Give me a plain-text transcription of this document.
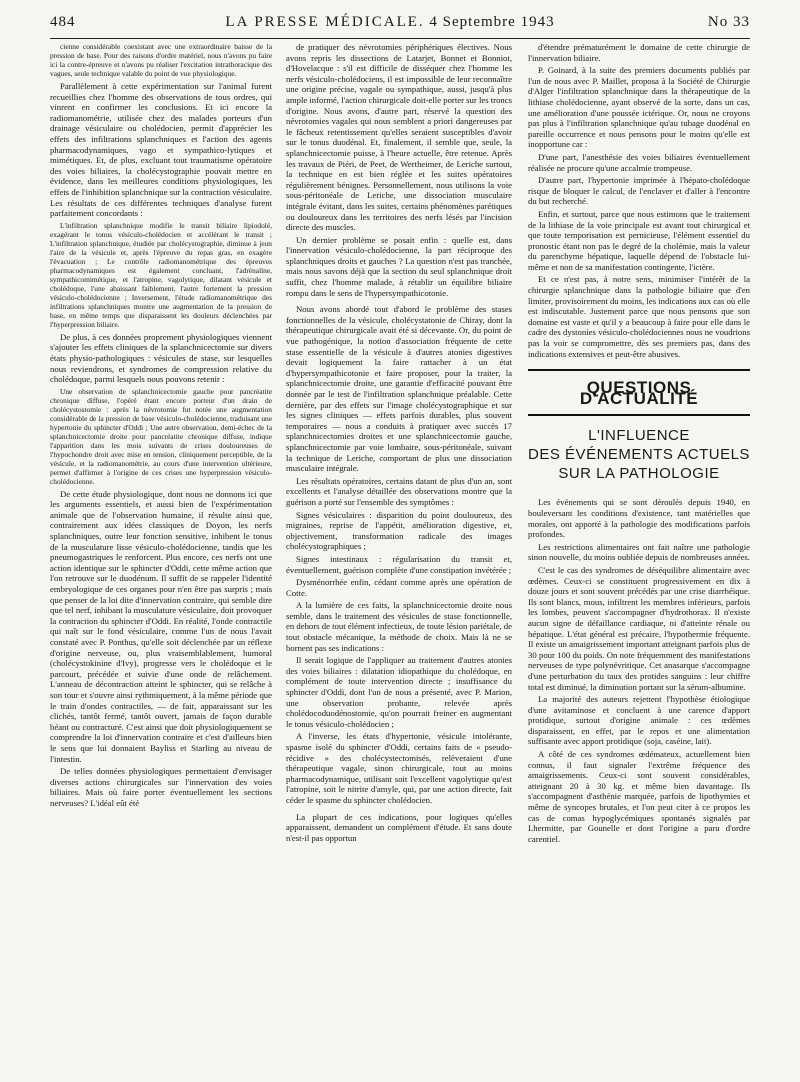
484	LA PRESSE MÉDICALE. 4 Septembre 1943	No 33

cienne considérable coexistant avec une extraordinaire baisse de la pression de base. Pour des raisons d'ordre matériel, nous n'avons pu faire ici la contre-épreuve et n'avons pu réaliser l'excitation intrathoracique des vagues, seule technique valable du point de vue physiologique.

Parallèlement à cette expérimentation sur l'animal furent recueillies chez l'homme des observations de tous ordres, qui vinrent en confirmer les conclusions. Et ici encore la radiomanométrie, utilisée chez des malades porteurs d'un drainage vésiculaire ou cholédocien, permit d'apprécier les effets des infiltrations splanchniques et l'action des agents pharmacodynamiques, vago et sympathico-lytiques et mimétiques. Et, de plus, excluant tout traumatisme opératoire des voies biliaires, la cholécystographie pouvait mettre en évidence, dans les meilleures conditions physiologiques, les effets de l'inhibition splanchnique sur la contraction vésiculaire. Les résultats de ces différentes techniques d'analyse furent parfaitement concordants :

L'infiltration splanchnique modifie le transit biliaire lipiodolé, exagérant le tonus vésiculo-cholédocien et accélérant le transit ; L'infiltration splanchnique, étudiée par cholécystographie, diminue à jeun l'aire de la vésicule et, après l'épreuve du repas gras, en exagère l'évacuation ; Le contrôle radiomanométrique des épreuves pharmacodynamiques est également concluant, l'adrénaline, sympathicomimétique, et l'atropine, vagolytique, dilatant vésicule et cholédoque, l'une abaissant faiblement, l'autre fortement la pression vésiculo-cholédocienne ; Inversement, l'étude radiomanométrique des infiltrations splanchniques montre une augmentation de la pression de base, en même temps que disparaissent les douleurs déclenchées par l'hyperpression biliaire.

De plus, à ces données proprement physiologiques viennent s'ajouter les effets cliniques de la splanchnicectomie sur divers états physio-pathologiques : vésicules de stase, sur lesquelles nous reviendrons, et syndromes de compression relative du cholédoque, parmi lesquels nous pouvons retenir :

Une observation de splanchnicectomie gauche pour pancréatite chronique diffuse, l'opéré étant encore porteur d'un drain de cholécystostomie : après la névrotomie fut notée une augmentation considérable de la pression de base vésiculo-cholédocienne, traduisant une hypertonie du sphincter d'Oddi ; Une autre observation, demi-échec de la splanchnicectomie droite pour pancréatite chronique diffuse, indique l'apparition dans les mois suivants de crises douloureuses de l'hypochondre droit avec mise en tension, cliniquement perceptible, de la vésicule, et la radiomanométrie, au cours d'une intervention ultérieure, permet d'affirmer à l'origine de ces crises une hyperpression vésiculo-cholédocienne.

De cette étude physiologique, dont nous ne donnons ici que les arguments essentiels, et aussi bien de l'expérimentation animale que de l'observation humaine, il résulte ainsi que, contrairement aux idées classiques de Doyon, les nerfs splanchniques, outre leur fonction sensitive, inhibent le tonus de la musculature lisse vésiculo-cholédocienne, tandis que les pneumogastriques le renforcent. Plus encore, ces nerfs ont une action identique sur le sphincter d'Oddi, cette même action que l'on retrouve sur le duodénum. Il suffit de se rappeler l'identité embryologique de ces organes pour n'en être pas surpris ; mais que penser de la loi dite d'innervation contraire, qui semble dire que tel nerf, inhibant la musculature vésiculaire, doit provoquer la contraction du sphincter d'Oddi. En réalité, l'onde contractile qui naît sur le fond vésiculaire, comme l'un de nous l'avait constaté avec P. Ponthus, qu'elle soit déclenchée par un réflexe d'origine nerveuse, ou, plus vraisemblablement, humoral (cholécystokinine d'Ivy), progresse vers le cholédoque et le parcourt, précédée et suivie d'une onde de relâchement. L'anneau de décontraction atteint le sphincter, qui se relâche à son tour et s'ouvre ainsi rythmiquement, à la même période que le train d'ondes contractiles, — de fait, apparaissant sur les clichés, tantôt fermé, tantôt ouvert, jamais de façon durable béant ou contracturé. C'est ainsi que doit physiologiquement se comprendre la loi d'innervation contraire et c'est d'ailleurs bien le sens que lui donnaient Bayliss et Starling au niveau de l'intestin.

De telles données physiologiques permettaient d'envisager diverses actions chirurgicales sur l'innervation des voies biliaires. Mais où faire porter éventuellement les sections nerveuses? L'idéal eût été

de pratiquer des névrotomies périphériques électives. Nous avons repris les dissections de Latarjet, Bonnet et Bonniot, d'Hovelacque : s'il est difficile de disséquer chez l'homme les nerfs vésiculo-cholédociens, il est impossible de leur reconnaître une origine précise, vagale ou sympathique, aussi, jusqu'à plus ample informé, l'action chirurgicale doit-elle porter sur les troncs d'origine. Nous avons, d'autre part, réservé la question des névrotomies vagales qui nous semblent a priori dangereuses par le fâcheux retentissement qu'elles seraient susceptibles d'avoir sur le tonus duodénal. Et, finalement, il semble que, seule, la splanchnicectomie puisse, à l'heure actuelle, être retenue. Après les travaux de Piéri, de Peet, de Wertheimer, de Leriche surtout, la technique en est bien réglée et les suites opératoires régulièrement bénignes. Personnellement, nous utilisons la voie sous-péritonéale de Leriche, une dissociation musculaire intégrale évitant, dans les suites, certains phénomènes parétiques ou douloureux dans les territoires des nerfs lésés par l'incision directe des muscles.

Un dernier problème se posait enfin : quelle est, dans l'innervation vésiculo-cholédocienne, la part réciproque des splanchniques droits et gauches ? La question n'est pas tranchée, mais nous savons déjà que la section du seul splanchnique droit suffit, chez l'homme malade, à rétablir un équilibre biliaire rompu dans le sens de l'hypersympathicotonie.

Nous avons abordé tout d'abord le problème des stases fonctionnelles de la vésicule, cholécystatonie de Chiray, dont la thérapeutique chirurgicale avait été si décevante. Or, du point de vue pathogénique, la notion d'association fréquente de cette stase essentielle de la vésicule à d'autres atonies digestives devait logiquement la faire rattacher à un état d'hypersympathicotonie et faire proposer, pour la traiter, la splanchnicectomie droite, une garantie d'efficacité pouvant être donnée par le test de l'infiltration splanchnique préalable. Cette dernière, par des effets sur l'image cholécystographique et sur les signes cliniques — effets parfois durables, plus souvent temporaires — nous a conduits à pratiquer avec succès 17 splanchnicectomies droites et une splanchnicectomie gauche, splanchnicectomie par voie lombaire, sous-péritonéale, suivant la technique de Leriche, comportant de plus une dissociation musculaire intégrale.

Les résultats opératoires, certains datant de plus d'un an, sont excellents et l'analyse détaillée des observations montre que la guérison a porté sur l'ensemble des symptômes :

Signes vésiculaires : disparition du point douloureux, des migraines, reprise de l'appétit, amélioration digestive, et, objectivement, transformation radicale des images cholécystographiques ;

Signes intestinaux : régularisation du transit et, éventuellement, guérison complète d'une constipation invétérée ;

Dysménorrhée enfin, cédant comme après une opération de Cotte.

A la lumière de ces faits, la splanchnicectomie droite nous semble, dans le traitement des vésicules de stase fonctionnelle, en dehors de tout élément infectieux, de toute lésion pariétale, de tout obstacle mécanique, la méthode de choix. Mais là ne se bornent pas ses indications :

Il serait logique de l'appliquer au traitement d'autres atonies des voies biliaires : dilatation idiopathique du cholédoque, en complément de toute intervention directe ; insuffisance du sphincter d'Oddi, dont l'un de nous a présenté, avec P. Marion, une observation probante, relevée après cholédocoduodénostomie, qu'on pourrait freiner en augmentant le tonus vésiculo-cholédocien ;

A l'inverse, les états d'hypertonie, vésicule intolérante, spasme isolé du sphincter d'Oddi, certains faits de « pseudo-récidive » des cholécystectomisés, relèveraient d'une thérapeutique vagale, sinon chirurgicale, tout au moins pharmacodynamique, utilisant soit l'excellent vagolytique qu'est l'atropine, soit le nitrite d'amyle, qui, par une action directe, fait céder le spasme du sphincter cholédocien.

La plupart de ces indications, pour logiques qu'elles apparaissent, demandent un complément d'étude. Et sans doute n'est-il pas opportun

d'étendre prématurément le domaine de cette chirurgie de l'innervation biliaire.

P. Goinard, à la suite des premiers documents publiés par l'un de nous avec P. Maillet, proposa à la Société de Chirurgie d'Alger l'infiltration splanchnique dans la thérapeutique de la lithiase cholédocienne, ayant observé de la sorte, dans un cas, une amélioration d'une poussée ictérique. Or, nous ne croyons pas plus à l'infiltration splanchnique qu'au tubage duodénal en pareille occurrence et nous pensons pour le moins qu'elle est inopportune car :

D'une part, l'anesthésie des voies biliaires éventuellement réalisée ne procure qu'une accalmie trompeuse.

D'autre part, l'hypertonie imprimée à l'hépato-cholédoque risque de bloquer le calcul, de l'enclaver et d'aller à l'encontre du but recherché.

Enfin, et surtout, parce que nous estimons que le traitement de la lithiase de la voie principale est avant tout chirurgical et que toute temporisation est pernicieuse, l'élément essentiel du pronostic étant non pas le degré de la cholémie, mais la valeur du parenchyme hépatique, laquelle dépend de l'obstacle lui-même et non de sa manifestation contingente, l'ictère.

Et ce n'est pas, à notre sens, minimiser l'intérêt de la chirurgie splanchnique dans la pathologie biliaire que d'en limiter, provisoirement du moins, les indications aux cas où elle est indiscutable. Justement parce que nous pensons que son domaine est vaste et qu'il y a beaucoup à faire pour elle dans le cadre des dystonies vésiculo-cholédociennes nous ne voudrions pas la voir se compromettre, dès ses premiers pas, dans des indications extensives et peut-être abusives.

QUESTIONS D'ACTUALITÉ
L'INFLUENCE
DES ÉVÉNEMENTS ACTUELS
SUR LA PATHOLOGIE

Les événements qui se sont déroulés depuis 1940, en bouleversant les conditions d'existence, tant matérielles que morales, ont apporté à la pathologie des modifications parfois profondes.

Les restrictions alimentaires ont fait naître une pathologie sinon nouvelle, du moins oubliée depuis de nombreuses années.

C'est le cas des syndromes de déséquilibre alimentaire avec œdèmes. Ceux-ci se constituent progressivement en dix à douze jours et sont souvent précédés par une crise diarrhéique. Ils sont blancs, mous, infiltrent les membres inférieurs, parfois les lombes, peuvent s'accompagner d'hydrothorax. Il n'existe aucun signe de défaillance cardiaque, ni d'atteinte rénale ou hépatique. L'état général est précaire, l'hypothermie fréquente. Il existe un amaigrissement important atteignant parfois plus de 30 pour 100 du poids. On note fréquemment des manifestations nerveuses de type polynévritique. Cet anasarque s'accompagne d'une perturbation du taux des protides sanguins : leur chiffre total est diminué, la diminution portant sur la sérum-albumine.

La majorité des auteurs rejettent l'hypothèse étiologique d'une avitaminose et concluent à une carence d'apport protidique, surtout d'origine animale : ces œdèmes disparaissent, en effet, par le repos et une alimentation suffisante avec apport protidique (soja, caséine, lait).

A côté de ces syndromes œdémateux, actuellement bien connus, il faut signaler l'extrême fréquence des amaigrissements. Ceux-ci sont souvent considérables, atteignant 20 à 30 kg. et même bien davantage. Ils s'accompagnent d'asthénie marquée, parfois de lipothymies et même de syncopes brutales, et l'on peut citer à ce propos les cas de comas hypoglycémiques spontanés signalés par Lhermitte, par Gounelle et dont l'origine a paru d'ordre carentiel.
